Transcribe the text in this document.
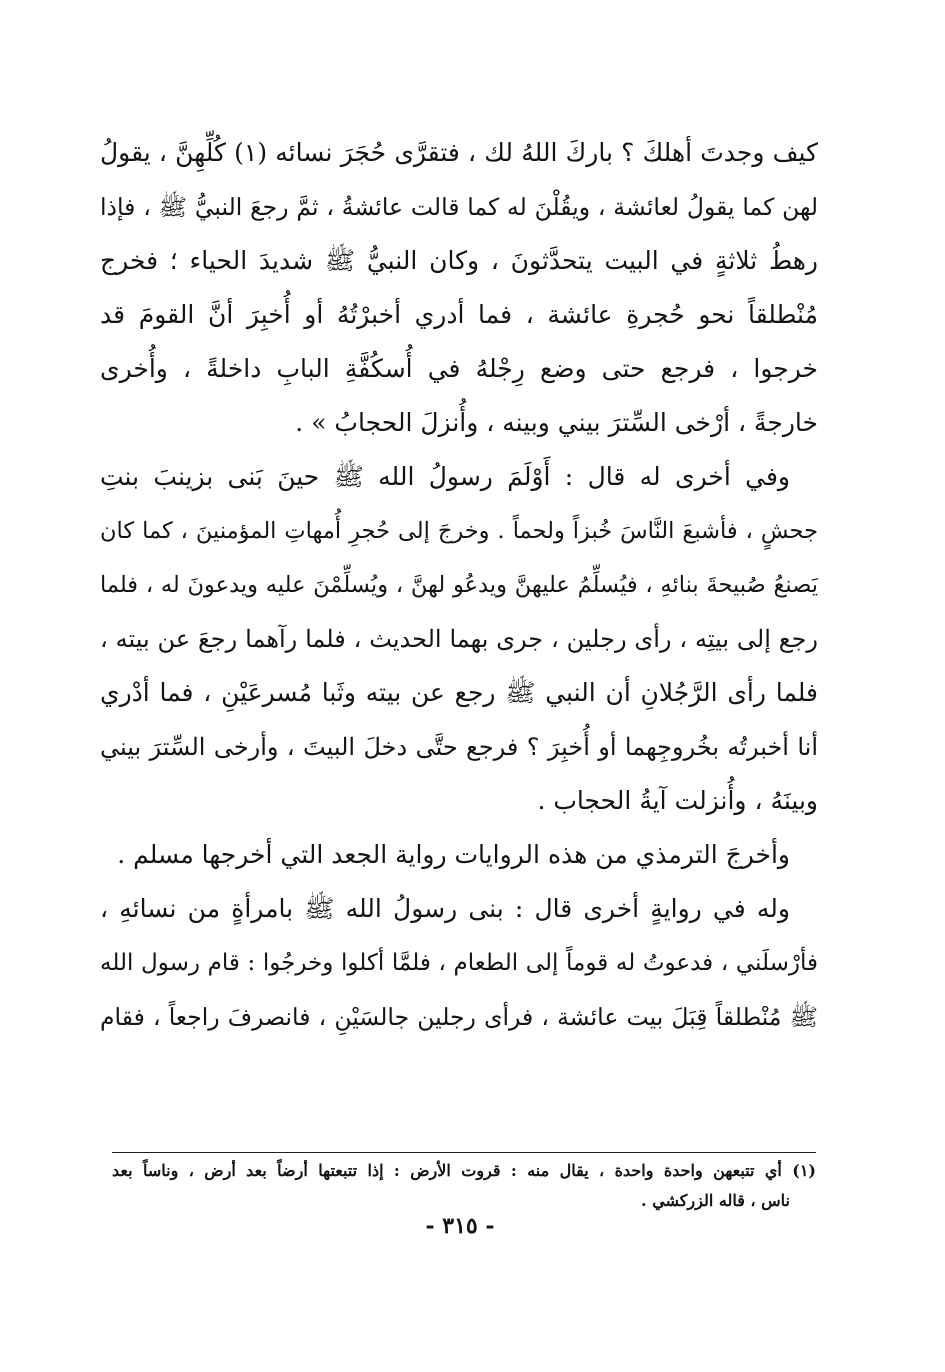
كيف وجدتَ أهلكَ ؟ باركَ اللهُ لك ، فتقرَّى حُجَرَ نسائه (١) كُلِّهِنَّ ، يقولُ
لهن كما يقولُ لعائشة ، ويقُلْنَ له كما قالت عائشةُ ، ثمَّ رجعَ النبيُّ ﷺ ، فإذا
رهطُ ثلاثةٍ في البيت يتحدَّثونَ ، وكان النبيُّ ﷺ شديدَ الحياء ؛ فخرج
مُنْطلقاً نحو حُجرةِ عائشة ، فما أدري أخبرْتُهُ أو أُخبِرَ أنَّ القومَ قد
خرجوا ، فرجع حتى وضع رِجْلهُ في أُسكُفَّةِ البابِ داخلةً ، وأُخرى
خارجةً ، أرْخى السِّترَ بيني وبينه ، وأُنزلَ الحجابُ » .
وفي أخرى له قال : أَوْلَمَ رسولُ الله ﷺ حينَ بَنى بزينبَ بنتِ
جحشٍ ، فأشبعَ النَّاسَ خُبزاً ولحماً . وخرجَ إلى حُجرِ أُمهاتِ المؤمنينَ ، كما كان
يَصنعُ صُبيحةَ بنائهِ ، فيُسلِّمُ عليهنَّ ويدعُو لهنَّ ، ويُسلِّمْنَ عليه ويدعونَ له ، فلما
رجع إلى بيتِه ، رأى رجلين ، جرى بهما الحديث ، فلما رآهما رجعَ عن بيته ،
فلما رأى الرَّجُلانِ أن النبي ﷺ رجع عن بيته وثَبا مُسرعَيْنِ ، فما أدْري
أنا أخبرتُه بخُروجِهما أو أُخبِرَ ؟ فرجع حتَّى دخلَ البيتَ ، وأرخى السِّترَ بيني
وبينَهُ ، وأُنزلت آيةُ الحجاب .
وأخرجَ الترمذي من هذه الروايات رواية الجعد التي أخرجها مسلم .
وله في روايةٍ أخرى قال : بنى رسولُ الله ﷺ بامرأةٍ من نسائهِ ،
فأرْسلَني ، فدعوتُ له قوماً إلى الطعام ، فلمَّا أكلوا وخرجُوا : قام رسول الله
ﷺ مُنْطلقاً قِبَلَ بيت عائشة ، فرأى رجلين جالسَيْنِ ، فانصرفَ راجعاً ، فقام
(١) أي تتبعهن واحدة واحدة ، يقال منه : قروت الأرض : إذا تتبعتها أرضاً بعد أرض ، وناساً بعد
ناس ، قاله الزركشي .
- ٣١٥ -
